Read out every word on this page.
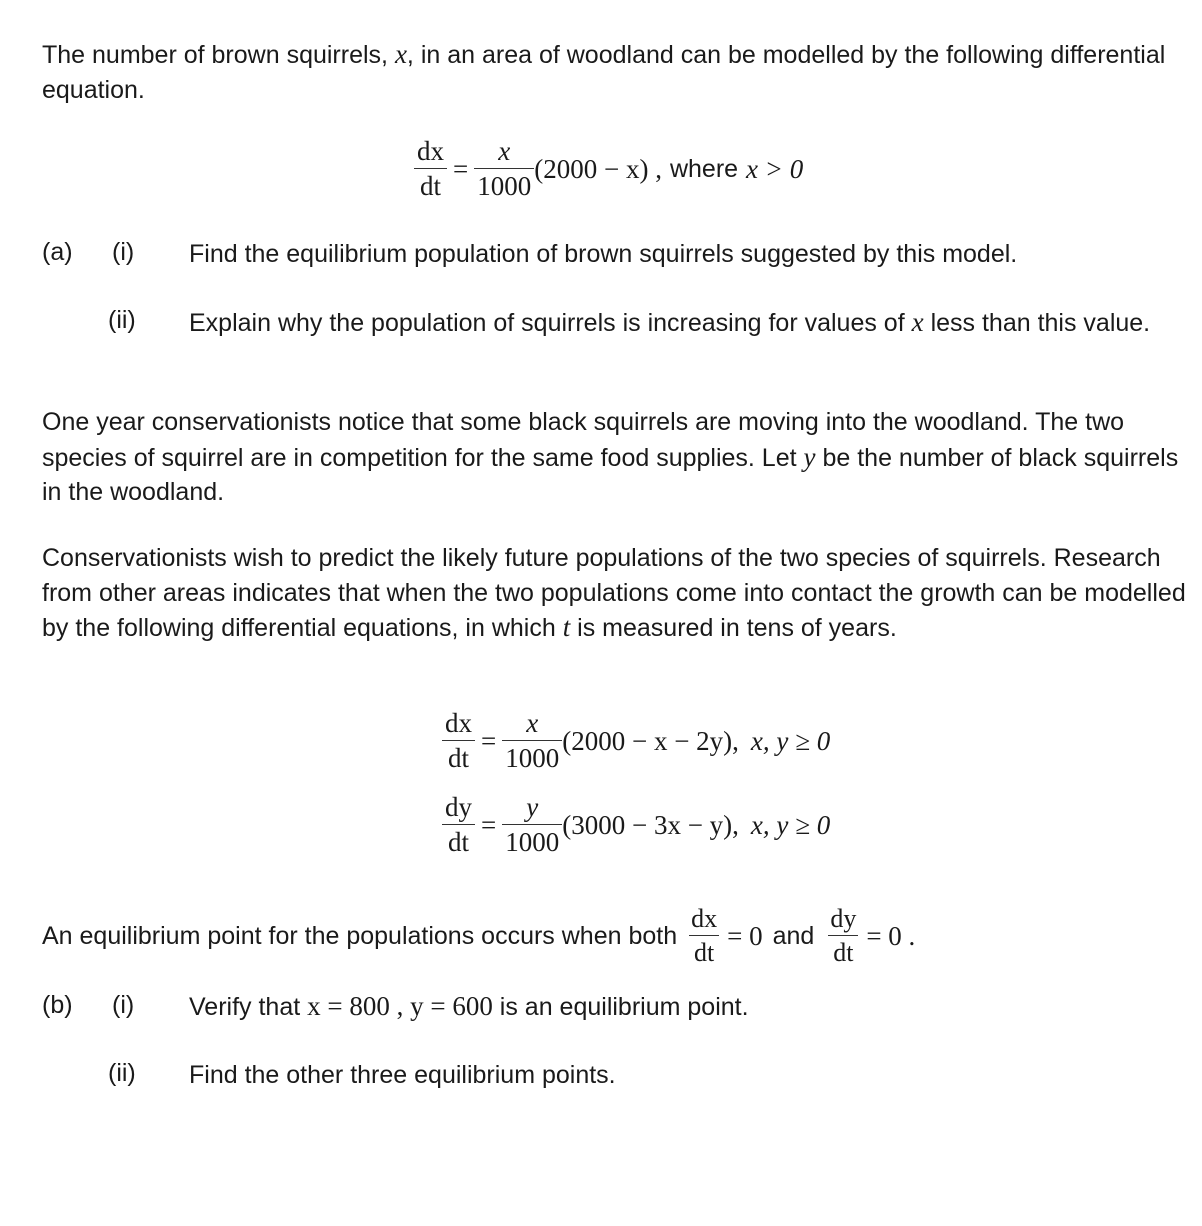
The number of brown squirrels, x, in an area of woodland can be modelled by the following differential equation.

$\frac{dx}{dt} = \frac{x}{1000} (2000 - x)$ , where x > 0
(a) (i) Find the equilibrium population of brown squirrels suggested by this model.
(ii) Explain why the population of squirrels is increasing for values of x less than this value.

One year conservationists notice that some black squirrels are moving into the woodland. The two species of squirrel are in competition for the same food supplies. Let y be the number of black squirrels in the woodland.

Conservationists wish to predict the likely future populations of the two species of squirrels. Research from other areas indicates that when the two populations come into contact the growth can be modelled by the following differential equations, in which t is measured in tens of years.

$\frac{dx}{dt} = \frac{x}{1000} (2000 - x - 2y)$, x, y ≥ 0
$\frac{dy}{dt} = \frac{y}{1000} (3000 - 3x - y)$, x, y ≥ 0
An equilibrium point for the populations occurs when both $\frac{dx}{dt} = 0$ and $\frac{dy}{dt} = 0$ .
(b) (i) Verify that x = 800 , y = 600 is an equilibrium point.
(ii) Find the other three equilibrium points.
